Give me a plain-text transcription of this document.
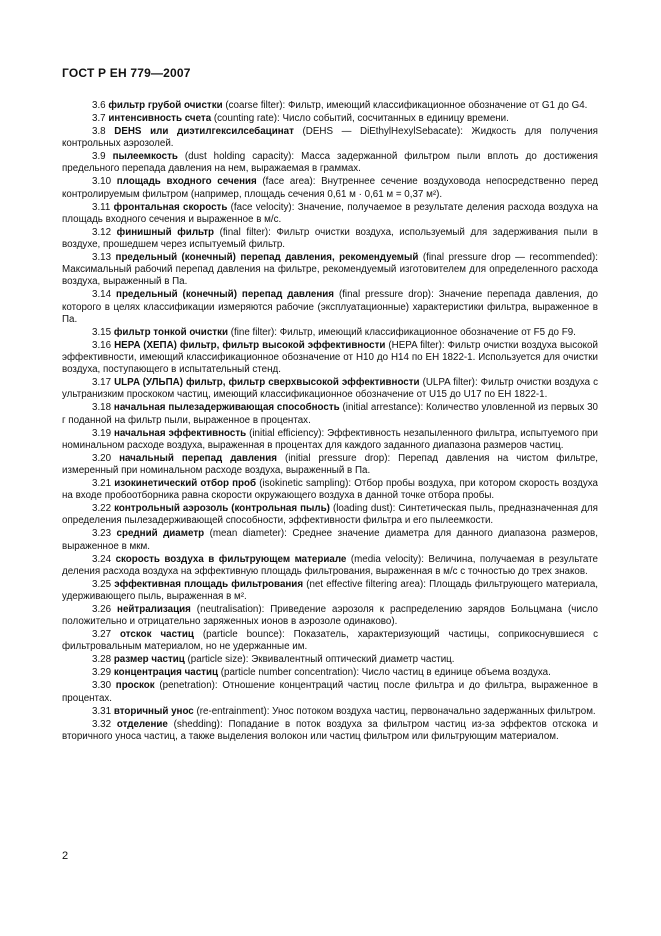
ГОСТ Р ЕН 779—2007

3.6 фильтр грубой очистки (coarse filter): Фильтр, имеющий классификационное обозначение от G1 до G4.

3.7 интенсивность счета (counting rate): Число событий, сосчитанных в единицу времени.

3.8 DEHS или диэтилгексилсебацинат (DEHS — DiEthylHexylSebacate): Жидкость для получения контрольных аэрозолей.

3.9 пылеемкость (dust holding capacity): Масса задержанной фильтром пыли вплоть до достижения предельного перепада давления на нем, выражаемая в граммах.

3.10 площадь входного сечения (face area): Внутреннее сечение воздуховода непосредственно перед контролируемым фильтром (например, площадь сечения 0,61 м · 0,61 м = 0,37 м²).

3.11 фронтальная скорость (face velocity): Значение, получаемое в результате деления расхода воздуха на площадь входного сечения и выраженное в м/с.

3.12 финишный фильтр (final filter): Фильтр очистки воздуха, используемый для задерживания пыли в воздухе, прошедшем через испытуемый фильтр.

3.13 предельный (конечный) перепад давления, рекомендуемый (final pressure drop — recommended): Максимальный рабочий перепад давления на фильтре, рекомендуемый изготовителем для определенного расхода воздуха, выраженный в Па.

3.14 предельный (конечный) перепад давления (final pressure drop): Значение перепада давления, до которого в целях классификации измеряются рабочие (эксплуатационные) характеристики фильтра, выраженное в Па.

3.15 фильтр тонкой очистки (fine filter): Фильтр, имеющий классификационное обозначение от F5 до F9.

3.16 HEPA (ХЕПА) фильтр, фильтр высокой эффективности (HEPA filter): Фильтр очистки воздуха высокой эффективности, имеющий классификационное обозначение от H10 до H14 по ЕН 1822-1. Используется для очистки воздуха, поступающего в испытательный стенд.

3.17 ULPA (УЛЬПА) фильтр, фильтр сверхвысокой эффективности (ULPA filter): Фильтр очистки воздуха с ультранизким проскоком частиц, имеющий классификационное обозначение от U15 до U17 по ЕН 1822-1.

3.18 начальная пылезадерживающая способность (initial arrestance): Количество уловленной из первых 30 г поданной на фильтр пыли, выраженное в процентах.

3.19 начальная эффективность (initial efficiency): Эффективность незапыленного фильтра, испытуемого при номинальном расходе воздуха, выраженная в процентах для каждого заданного диапазона размеров частиц.

3.20 начальный перепад давления (initial pressure drop): Перепад давления на чистом фильтре, измеренный при номинальном расходе воздуха, выраженный в Па.

3.21 изокинетический отбор проб (isokinetic sampling): Отбор пробы воздуха, при котором скорость воздуха на входе пробоотборника равна скорости окружающего воздуха в данной точке отбора пробы.

3.22 контрольный аэрозоль (контрольная пыль) (loading dust): Синтетическая пыль, предназначенная для определения пылезадерживающей способности, эффективности фильтра и его пылеемкости.

3.23 средний диаметр (mean diameter): Среднее значение диаметра для данного диапазона размеров, выраженное в мкм.

3.24 скорость воздуха в фильтрующем материале (media velocity): Величина, получаемая в результате деления расхода воздуха на эффективную площадь фильтрования, выраженная в м/с с точностью до трех знаков.

3.25 эффективная площадь фильтрования (net effective filtering area): Площадь фильтрующего материала, удерживающего пыль, выраженная в м².

3.26 нейтрализация (neutralisation): Приведение аэрозоля к распределению зарядов Больцмана (число положительно и отрицательно заряженных ионов в аэрозоле одинаково).

3.27 отскок частиц (particle bounce): Показатель, характеризующий частицы, соприкоснувшиеся с фильтровальным материалом, но не удержанные им.

3.28 размер частиц (particle size): Эквивалентный оптический диаметр частиц.

3.29 концентрация частиц (particle number concentration): Число частиц в единице объема воздуха.

3.30 проскок (penetration): Отношение концентраций частиц после фильтра и до фильтра, выраженное в процентах.

3.31 вторичный унос (re-entrainment): Унос потоком воздуха частиц, первоначально задержанных фильтром.

3.32 отделение (shedding): Попадание в поток воздуха за фильтром частиц из-за эффектов отскока и вторичного уноса частиц, а также выделения волокон или частиц фильтром или фильтрующим материалом.

2
